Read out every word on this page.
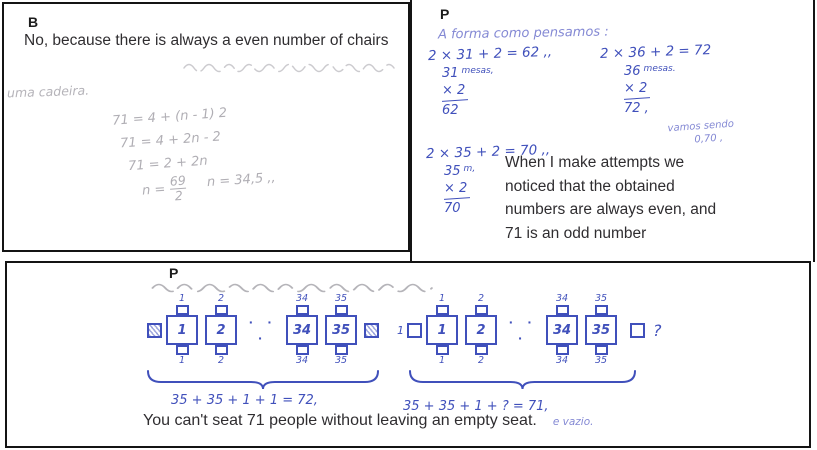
B
No, because there is always a even number of chairs
uma cadeira.
71 = 4 + (n - 1) 2
71 = 4 + 2n - 2
71 = 2 + 2n
$n = \frac{69}{2}$ n = 34,5 ,,
P
A forma como pensamos :
2 × 31 + 2 = 62 ,,
31 $^{mesas,}$
× 2
62
2 × 35 + 2 = 70 ,,
35 $^{m,}$
× 2
70
2 × 36 + 2 = 72
36 $^{mesas.}$
× 2
72 ,
vamos sendo
0,70 ,
When I make attempts we
noticed that the obtained
numbers are always even, and
71 is an odd number
P
1
1
1
2
2
2
· · ·
34
34
34
35
35
35
35 + 35 + 1 + 1 = 72,
1
1
1
1
2
2
2
· · ·
34
34
34
35
35
35
?
35 + 35 + 1 + ? = 71,
You can't seat 71 people without leaving an empty seat. e vazio.
